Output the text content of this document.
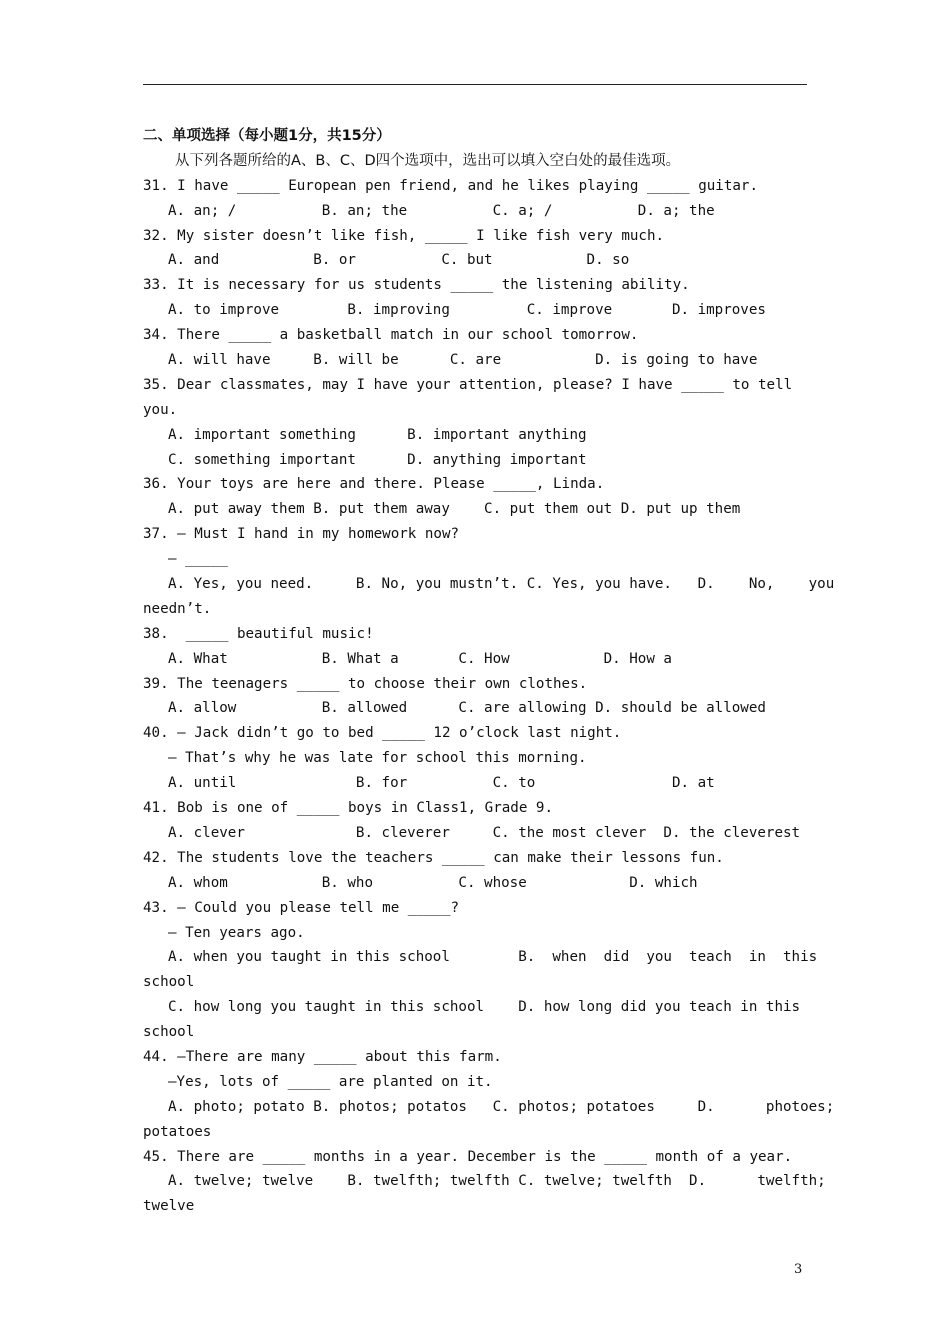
二、单项选择（每小题1分，共15分）
从下列各题所给的A、B、C、D四个选项中，选出可以填入空白处的最佳选项。
31. I have _____ European pen friend, and he likes playing _____ guitar.
A. an; /          B. an; the          C. a; /          D. a; the
32. My sister doesn’t like fish, _____ I like fish very much.
A. and           B. or          C. but           D. so
33. It is necessary for us students _____ the listening ability.
A. to improve        B. improving         C. improve       D. improves
34. There _____ a basketball match in our school tomorrow.
A. will have     B. will be      C. are           D. is going to have
35. Dear classmates, may I have your attention, please? I have _____ to tell
you.
A. important something      B. important anything
C. something important      D. anything important
36. Your toys are here and there. Please _____, Linda.
A. put away them B. put them away    C. put them out D. put up them
37. — Must I hand in my homework now?
— _____
A. Yes, you need.     B. No, you mustn’t. C. Yes, you have.   D.    No,    you
needn’t.
38.  _____ beautiful music!
A. What           B. What a       C. How           D. How a
39. The teenagers _____ to choose their own clothes.
A. allow          B. allowed      C. are allowing D. should be allowed
40. — Jack didn’t go to bed _____ 12 o’clock last night.
— That’s why he was late for school this morning.
A. until              B. for          C. to                D. at
41. Bob is one of _____ boys in Class1, Grade 9.
A. clever             B. cleverer     C. the most clever  D. the cleverest
42. The students love the teachers _____ can make their lessons fun.
A. whom           B. who          C. whose            D. which
43. — Could you please tell me _____?
— Ten years ago.
A. when you taught in this school        B.  when  did  you  teach  in  this
school
C. how long you taught in this school    D. how long did you teach in this
school
44. —There are many _____ about this farm.
—Yes, lots of _____ are planted on it.
A. photo; potato B. photos; potatos   C. photos; potatoes     D.      photoes;
potatoes
45. There are _____ months in a year. December is the _____ month of a year.
A. twelve; twelve    B. twelfth; twelfth C. twelve; twelfth  D.      twelfth;
twelve
3
